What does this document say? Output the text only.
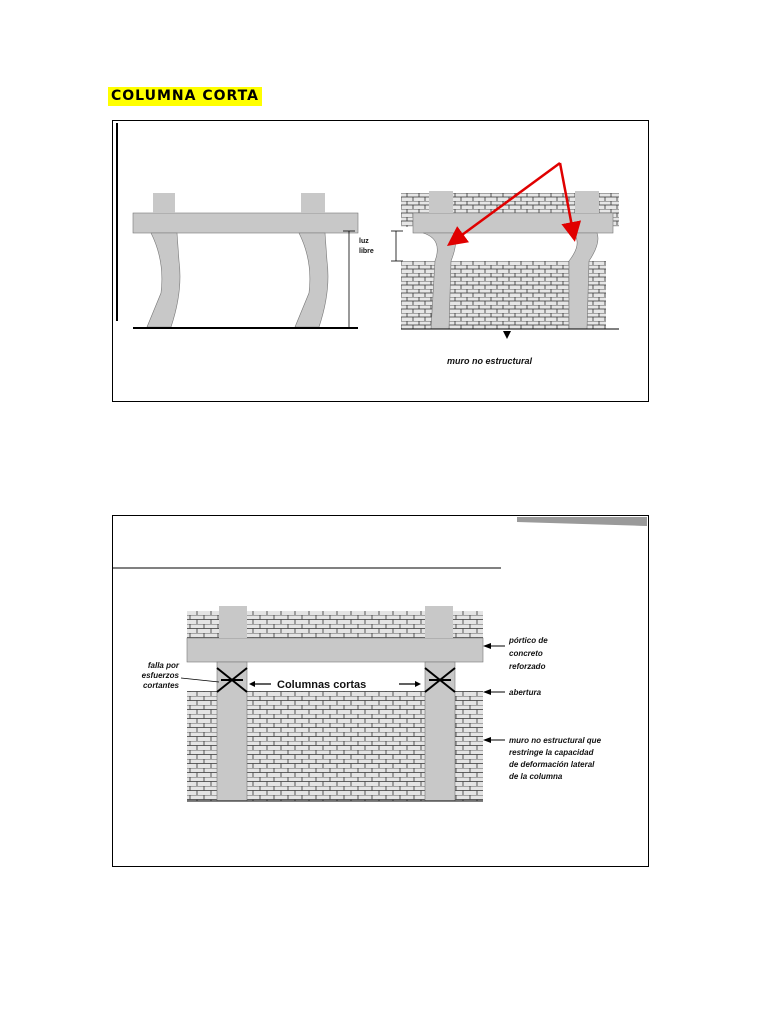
COLUMNA CORTA
luz
libre
muro no estructural
Columnas cortas
falla por
esfuerzos
cortantes
pórtico de
concreto
reforzado
abertura
muro no estructural que
restringe la capacidad
de deformación lateral
de la columna
